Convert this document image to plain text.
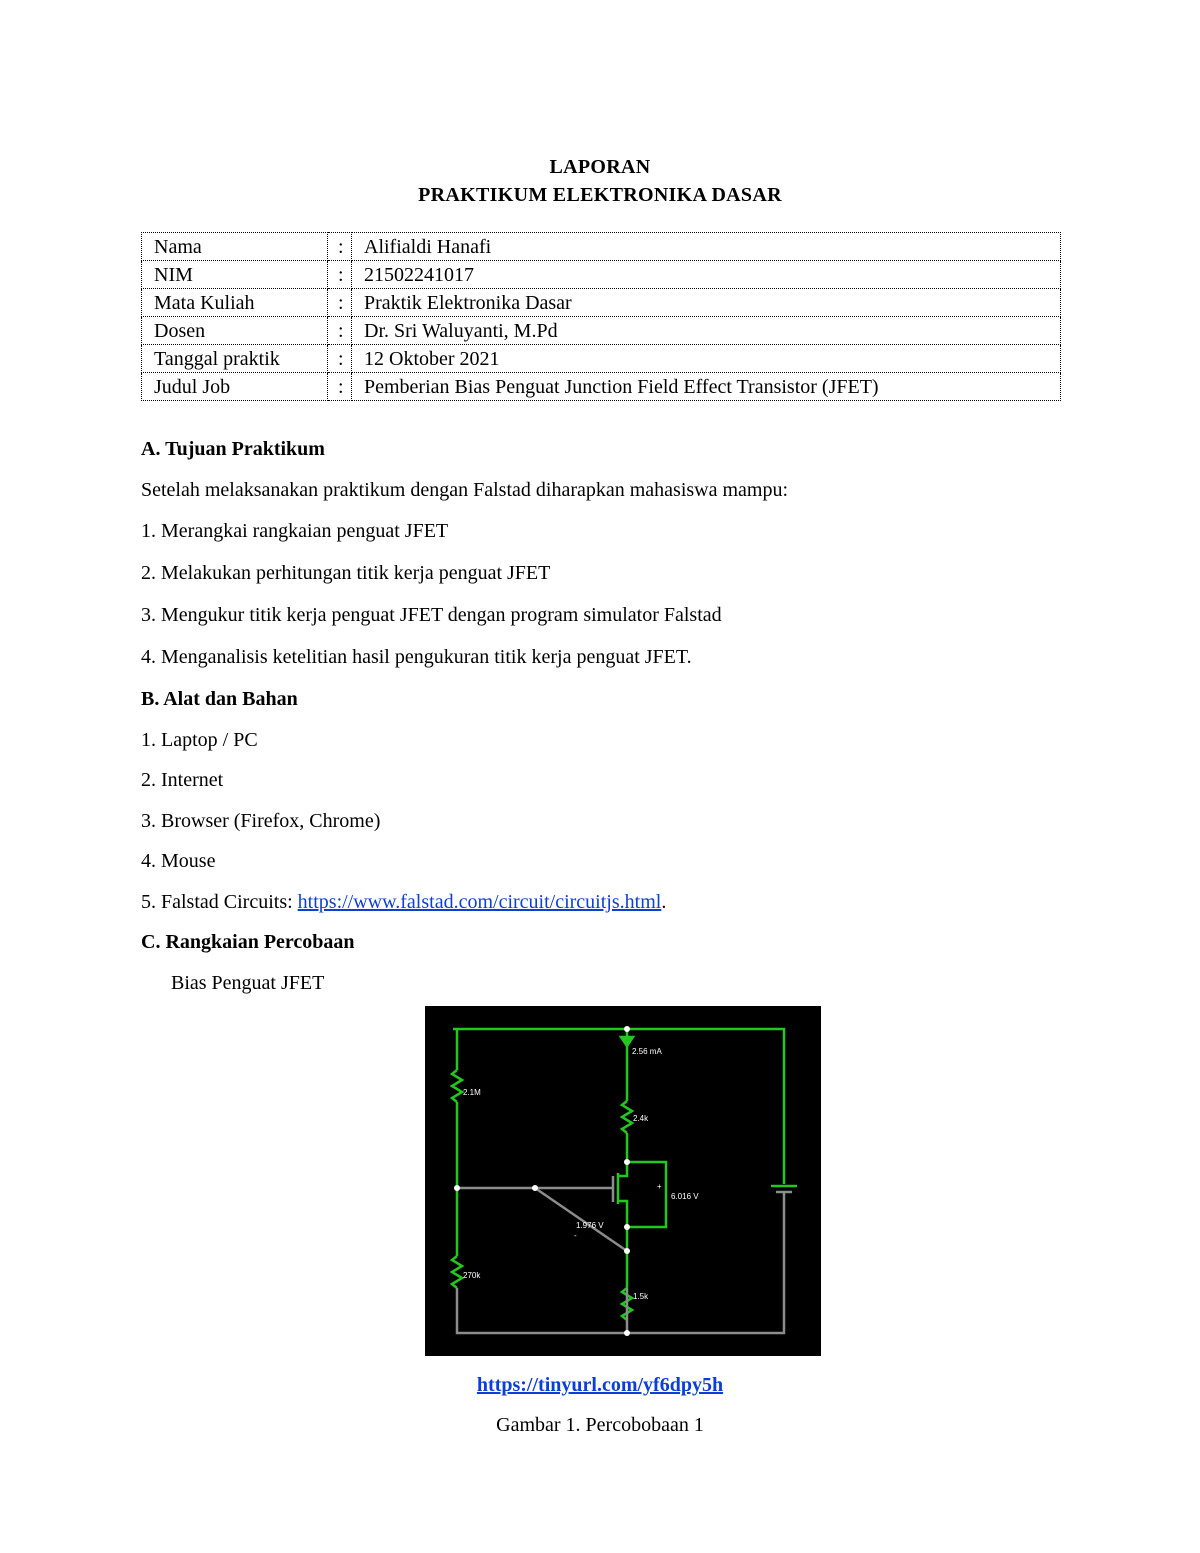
LAPORAN
PRAKTIKUM ELEKTRONIKA DASAR
Nama	:	Alifialdi Hanafi
NIM	:	21502241017
Mata Kuliah	:	Praktik Elektronika Dasar
Dosen	:	Dr. Sri Waluyanti, M.Pd
Tanggal praktik	:	12 Oktober 2021
Judul Job	:	Pemberian Bias Penguat Junction Field Effect Transistor (JFET)
A. Tujuan Praktikum
Setelah melaksanakan praktikum dengan Falstad diharapkan mahasiswa mampu:
1. Merangkai rangkaian penguat JFET
2. Melakukan perhitungan titik kerja penguat JFET
3. Mengukur titik kerja penguat JFET dengan program simulator Falstad
4. Menganalisis ketelitian hasil pengukuran titik kerja penguat JFET.
B. Alat dan Bahan
1. Laptop / PC
2. Internet
3. Browser (Firefox, Chrome)
4. Mouse
5. Falstad Circuits: https://www.falstad.com/circuit/circuitjs.html.
C. Rangkaian Percobaan
Bias Penguat JFET
2.56 mA
2.1M
2.4k
+
6.016 V
1.976 V
-
270k
1.5k
https://tinyurl.com/yf6dpy5h
Gambar 1. Percobobaan 1
